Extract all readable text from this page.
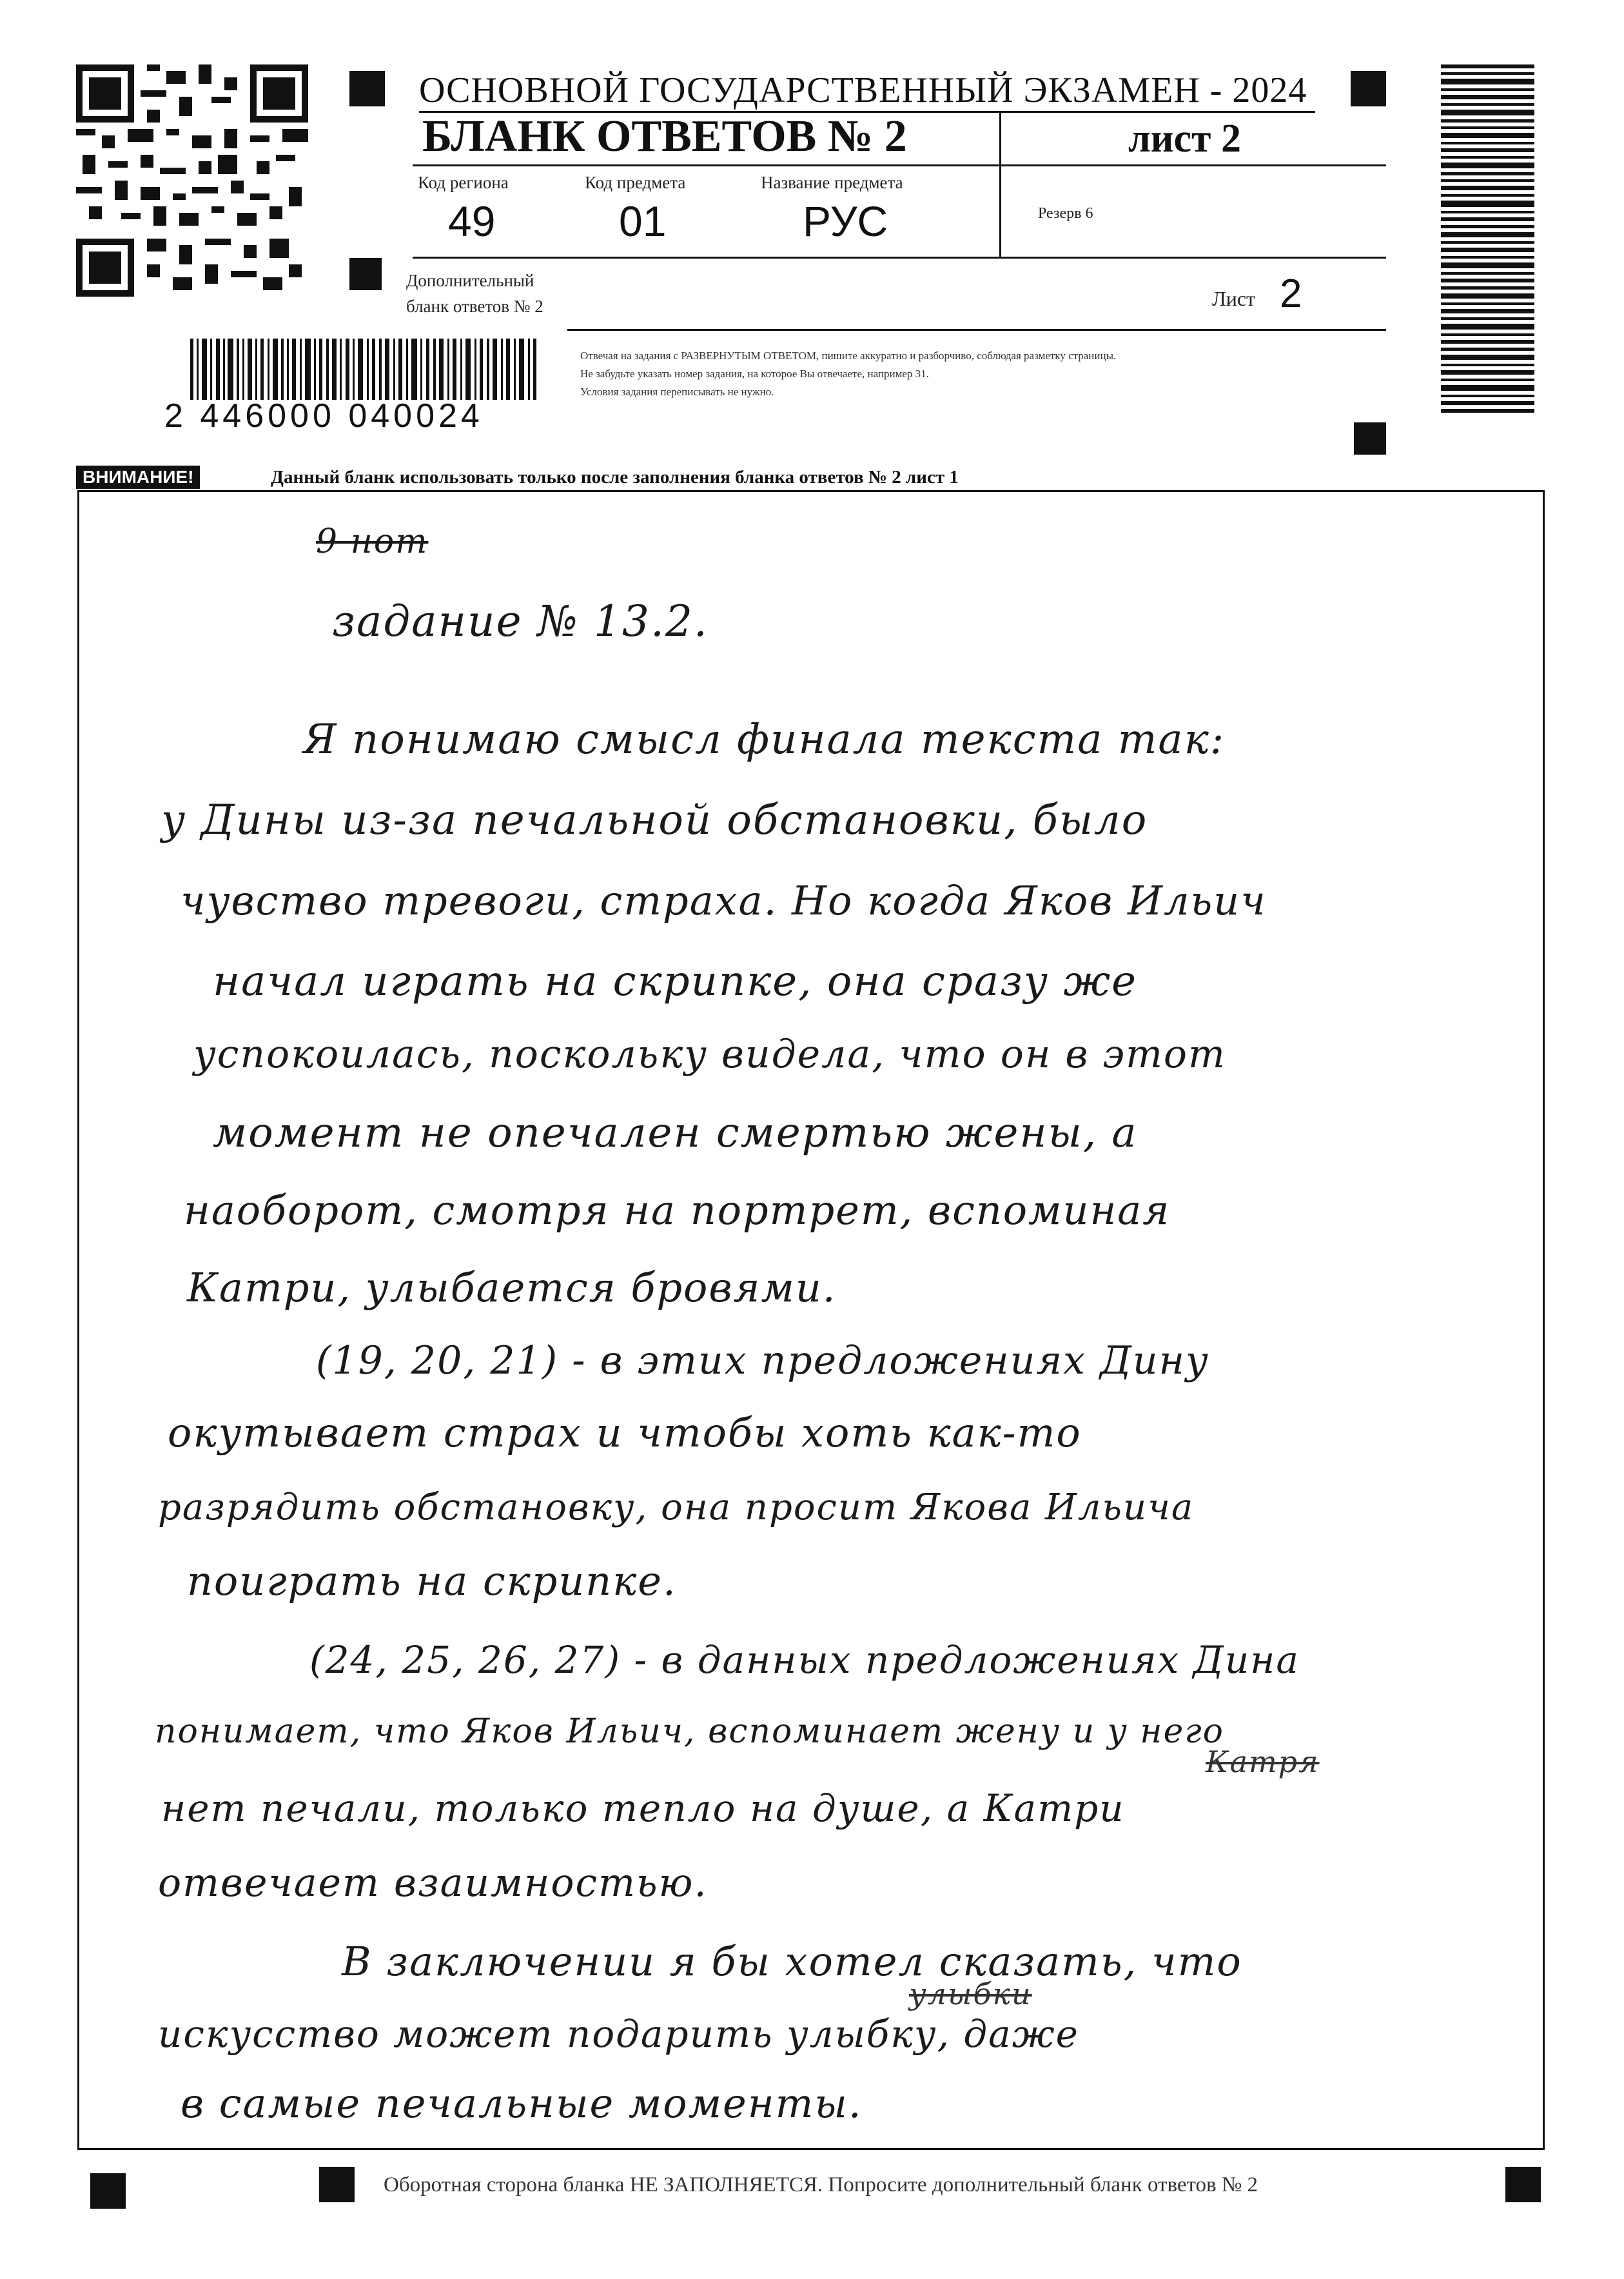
ОСНОВНОЙ ГОСУДАРСТВЕННЫЙ ЭКЗАМЕН - 2024
БЛАНК ОТВЕТОВ № 2	лист 2
Код региона
49
Код предмета
01
Название предмета
РУС	Резерв 6
Дополнительный
бланк ответов № 2	Лист 2
2 446000 040024
Отвечая на задания с РАЗВЕРНУТЫМ ОТВЕТОМ, пишите аккуратно и разборчиво, соблюдая разметку страницы.
Не забудьте указать номер задания, на которое Вы отвечаете, например 31.
Условия задания переписывать не нужно.
ВНИМАНИЕ!	Данный бланк использовать только после заполнения бланка ответов № 2 лист 1
9 нот
задание № 13.2.
Я понимаю смысл финала текста так:
у Дины из-за печальной обстановки, было
чувство тревоги, страха. Но когда Яков Ильич
начал играть на скрипке, она сразу же
успокоилась, поскольку видела, что он в этот
момент не опечален смертью жены, а
наоборот, смотря на портрет, вспоминая
Катри, улыбается бровями.
(19, 20, 21) - в этих предложениях Дину
окутывает страх и чтобы хоть как-то
разрядить обстановку, она просит Якова Ильича
поиграть на скрипке.
(24, 25, 26, 27) - в данных предложениях Дина
понимает, что Яков Ильич, вспоминает жену и у него
нет печали, только тепло на душе, а Катри
отвечает взаимностью.
В заключении я бы хотел сказать, что
искусство может подарить улыбку, даже
в самые печальные моменты.
Катря
улыбки
Оборотная сторона бланка НЕ ЗАПОЛНЯЕТСЯ. Попросите дополнительный бланк ответов № 2
